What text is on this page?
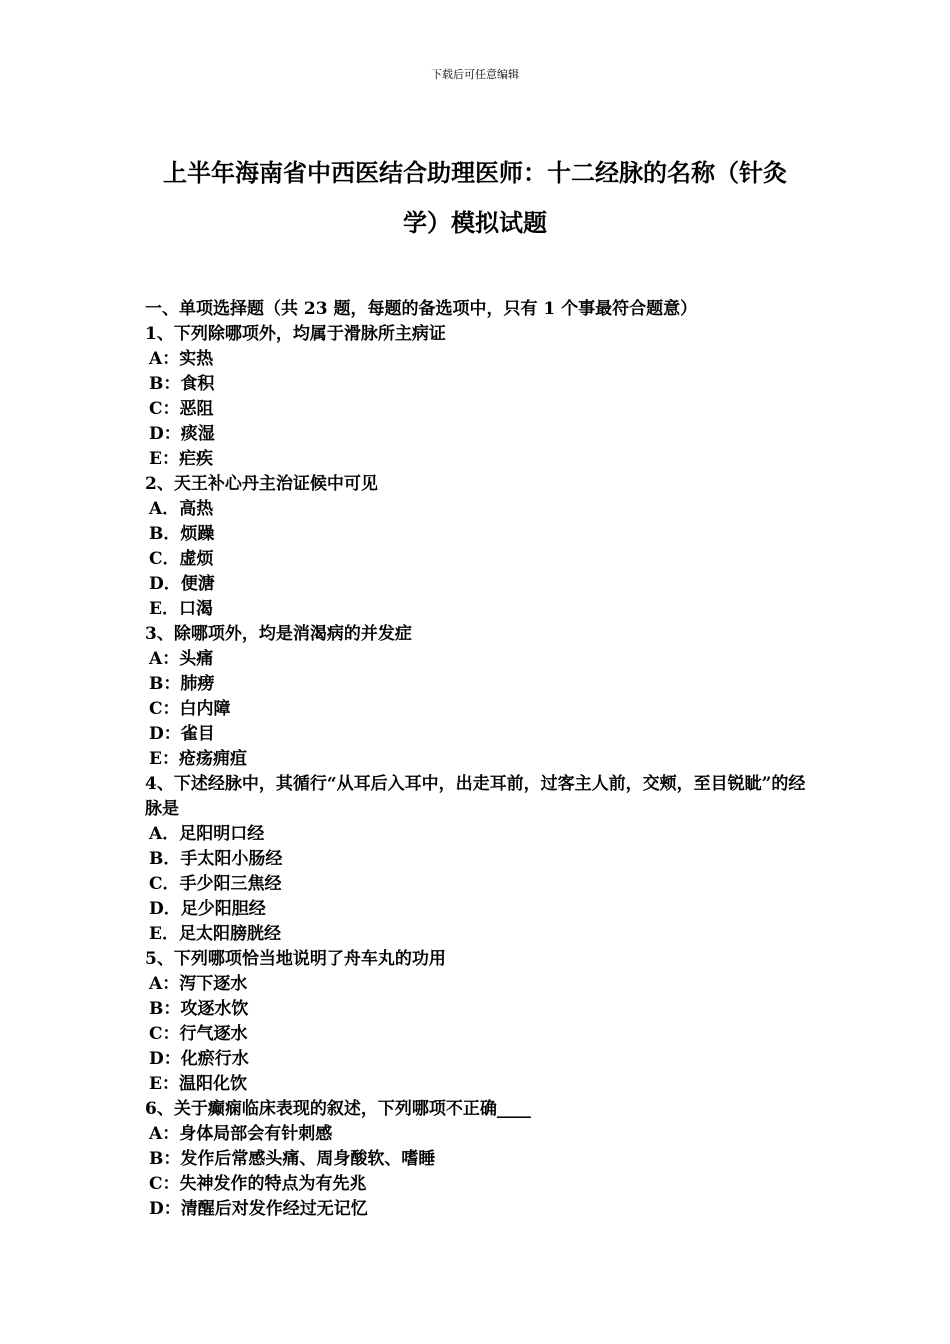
下载后可任意编辑
上半年海南省中西医结合助理医师：十二经脉的名称（针灸学）模拟试题
一、单项选择题（共 23 题，每题的备选项中，只有 1 个事最符合题意）
1、下列除哪项外，均属于滑脉所主病证
A：实热
B：食积
C：恶阻
D：痰湿
E：疟疾
2、天王补心丹主治证候中可见
A．高热
B．烦躁
C．虚烦
D．便溏
E．口渴
3、除哪项外，均是消渴病的并发症
A：头痛
B：肺痨
C：白内障
D：雀目
E：疮疡痈疽
4、下述经脉中，其循行“从耳后入耳中，出走耳前，过客主人前，交颊，至目锐眦”的经脉是
A．足阳明口经
B．手太阳小肠经
C．手少阳三焦经
D．足少阳胆经
E．足太阳膀胱经
5、下列哪项恰当地说明了舟车丸的功用
A：泻下逐水
B：攻逐水饮
C：行气逐水
D：化瘀行水
E：温阳化饮
6、关于癫痫临床表现的叙述，下列哪项不正确____
A：身体局部会有针刺感
B：发作后常感头痛、周身酸软、嗜睡
C：失神发作的特点为有先兆
D：清醒后对发作经过无记忆
